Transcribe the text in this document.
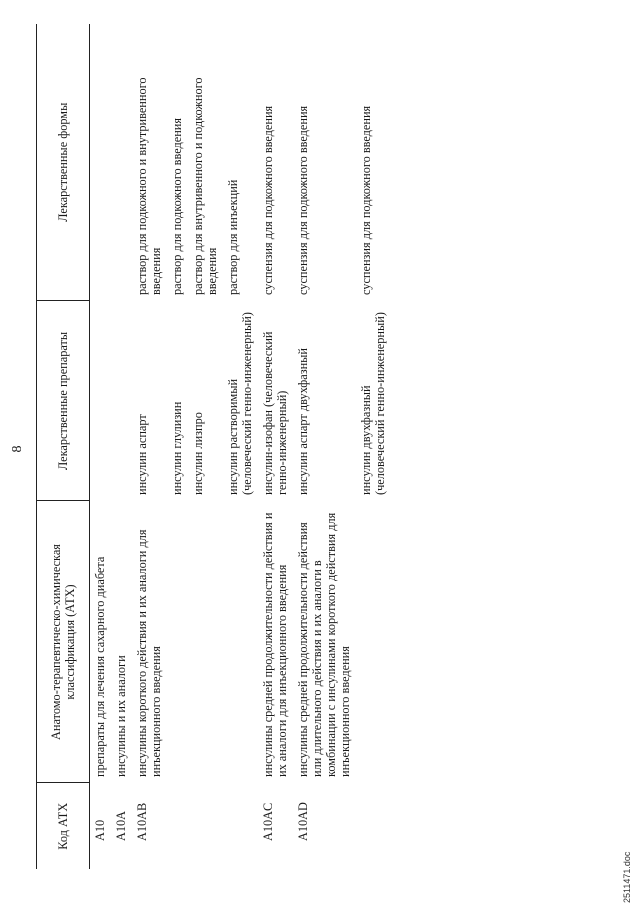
8
Код АТХ	Анатомо-терапевтическо-химическая классификация (АТХ)	Лекарственные препараты	Лекарственные формы
A10	препараты для лечения сахарного диабета		
A10A	инсулины и их аналоги		
A10AB	инсулины короткого действия и их аналоги для инъекционного введения	инсулин аспарт	раствор для подкожного и внутривенного введения
		инсулин глулизин	раствор для подкожного введения
		инсулин лизпро	раствор для внутривенного и подкожного введения
		инсулин растворимый (человеческий генно-инженерный)	раствор для инъекций
A10AC	инсулины средней продолжительности действия и их аналоги для инъекционного введения	инсулин-изофан (человеческий генно-инженерный)	суспензия для подкожного введения
A10AD	инсулины средней продолжительности действия или длительного действия и их аналоги в комбинации с инсулинами короткого действия для инъекционного введения	инсулин аспарт двухфазный	суспензия для подкожного введения
		инсулин двухфазный (человеческий генно-инженерный)	суспензия для подкожного введения
2511471.doc
